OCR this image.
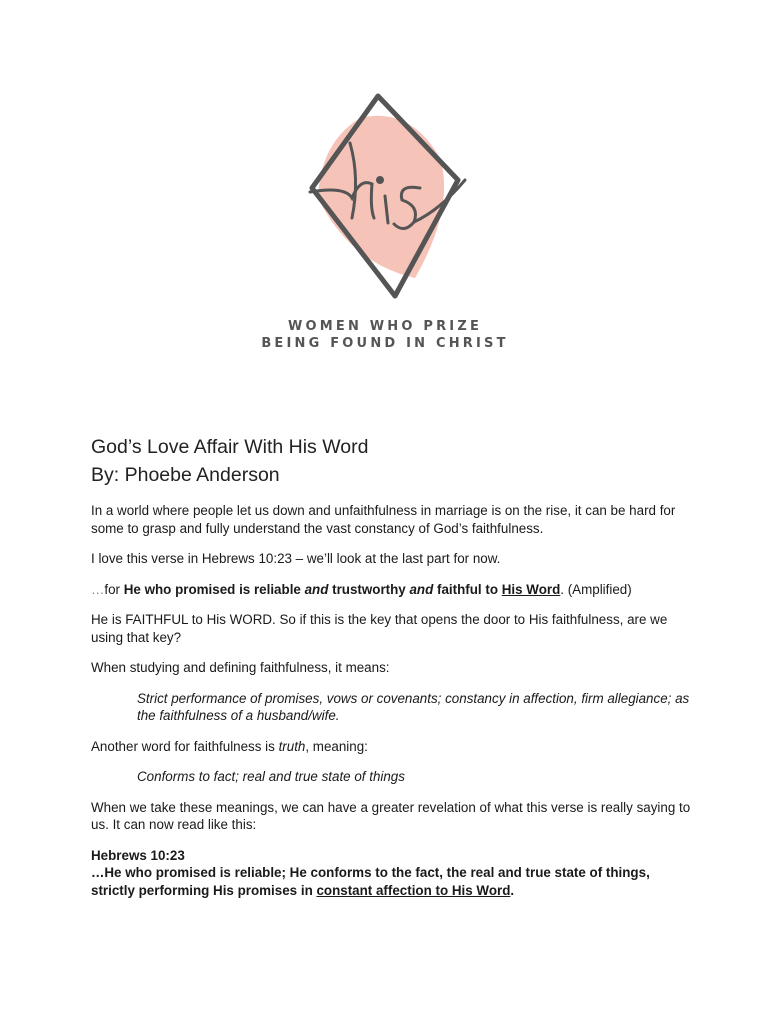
WOMEN WHO PRIZE
BEING FOUND IN CHRIST
God’s Love Affair With His Word
By: Phoebe Anderson

In a world where people let us down and unfaithfulness in marriage is on the rise, it can be hard for some to grasp and fully understand the vast constancy of God’s faithfulness.

I love this verse in Hebrews 10:23 – we’ll look at the last part for now.

…for He who promised is reliable and trustworthy and faithful to His Word. (Amplified)

He is FAITHFUL to His WORD. So if this is the key that opens the door to His faithfulness, are we using that key?

When studying and defining faithfulness, it means:

Strict performance of promises, vows or covenants; constancy in affection, firm allegiance; as the faithfulness of a husband/wife.

Another word for faithfulness is truth, meaning:

Conforms to fact; real and true state of things

When we take these meanings, we can have a greater revelation of what this verse is really saying to us. It can now read like this:

Hebrews 10:23

…He who promised is reliable; He conforms to the fact, the real and true state of things, strictly performing His promises in constant affection to His Word.
